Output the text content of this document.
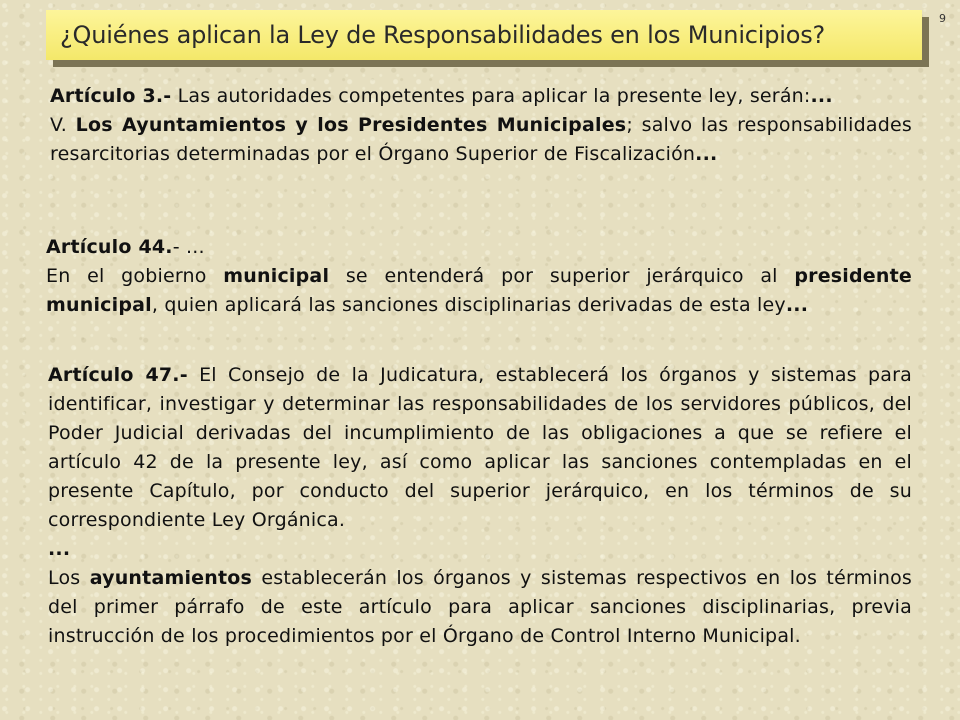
¿Quiénes aplican la Ley de Responsabilidades en los Municipios?
9

Artículo 3.- Las autoridades competentes para aplicar la presente ley, serán:...

V. Los Ayuntamientos y los Presidentes Municipales; salvo las responsabilidades resarcitorias determinadas por el Órgano Superior de Fiscalización...

Artículo 44.- ...

En el gobierno municipal se entenderá por superior jerárquico al presidente municipal, quien aplicará las sanciones disciplinarias derivadas de esta ley...

Artículo 47.- El Consejo de la Judicatura, establecerá los órganos y sistemas para identificar, investigar y determinar las responsabilidades de los servidores públicos, del Poder Judicial derivadas del incumplimiento de las obligaciones a que se refiere el artículo 42 de la presente ley, así como aplicar las sanciones contempladas en el presente Capítulo, por conducto del superior jerárquico, en los términos de su correspondiente Ley Orgánica.

...

Los ayuntamientos establecerán los órganos y sistemas respectivos en los términos del primer párrafo de este artículo para aplicar sanciones disciplinarias, previa instrucción de los procedimientos por el Órgano de Control Interno Municipal.
